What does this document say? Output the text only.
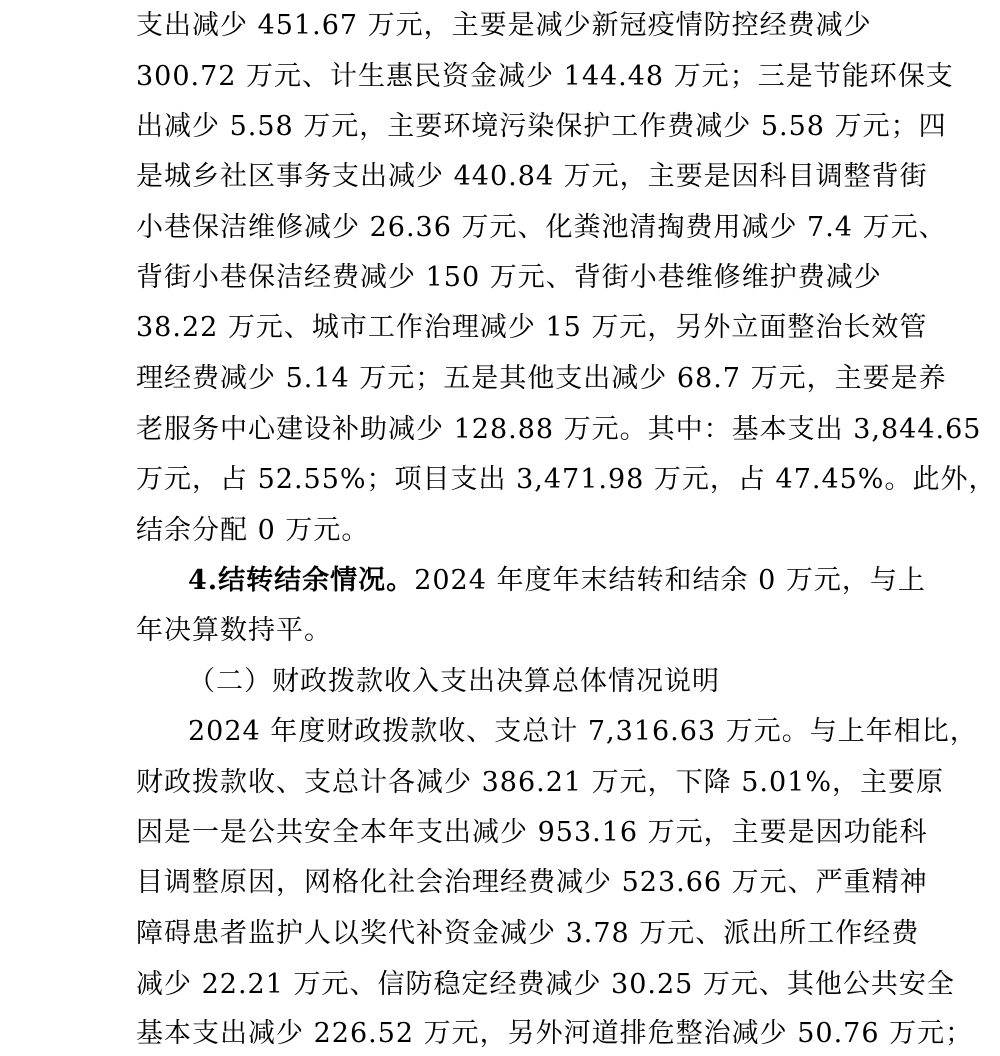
支出减少 451.67 万元，主要是减少新冠疫情防控经费减少
300.72 万元、计生惠民资金减少 144.48 万元；三是节能环保支
出减少 5.58 万元，主要环境污染保护工作费减少 5.58 万元；四
是城乡社区事务支出减少 440.84 万元，主要是因科目调整背街
小巷保洁维修减少 26.36 万元、化粪池清掏费用减少 7.4 万元、
背街小巷保洁经费减少 150 万元、背街小巷维修维护费减少
38.22 万元、城市工作治理减少 15 万元，另外立面整治长效管
理经费减少 5.14 万元；五是其他支出减少 68.7 万元，主要是养
老服务中心建设补助减少 128.88 万元。其中：基本支出 3,844.65
万元，占 52.55%；项目支出 3,471.98 万元，占 47.45%。此外，
结余分配 0 万元。
4.结转结余情况。2024 年度年末结转和结余 0 万元，与上
年决算数持平。
（二）财政拨款收入支出决算总体情况说明
2024 年度财政拨款收、支总计 7,316.63 万元。与上年相比，
财政拨款收、支总计各减少 386.21 万元，下降 5.01%，主要原
因是一是公共安全本年支出减少 953.16 万元，主要是因功能科
目调整原因，网格化社会治理经费减少 523.66 万元、严重精神
障碍患者监护人以奖代补资金减少 3.78 万元、派出所工作经费
减少 22.21 万元、信防稳定经费减少 30.25 万元、其他公共安全
基本支出减少 226.52 万元，另外河道排危整治减少 50.76 万元；
